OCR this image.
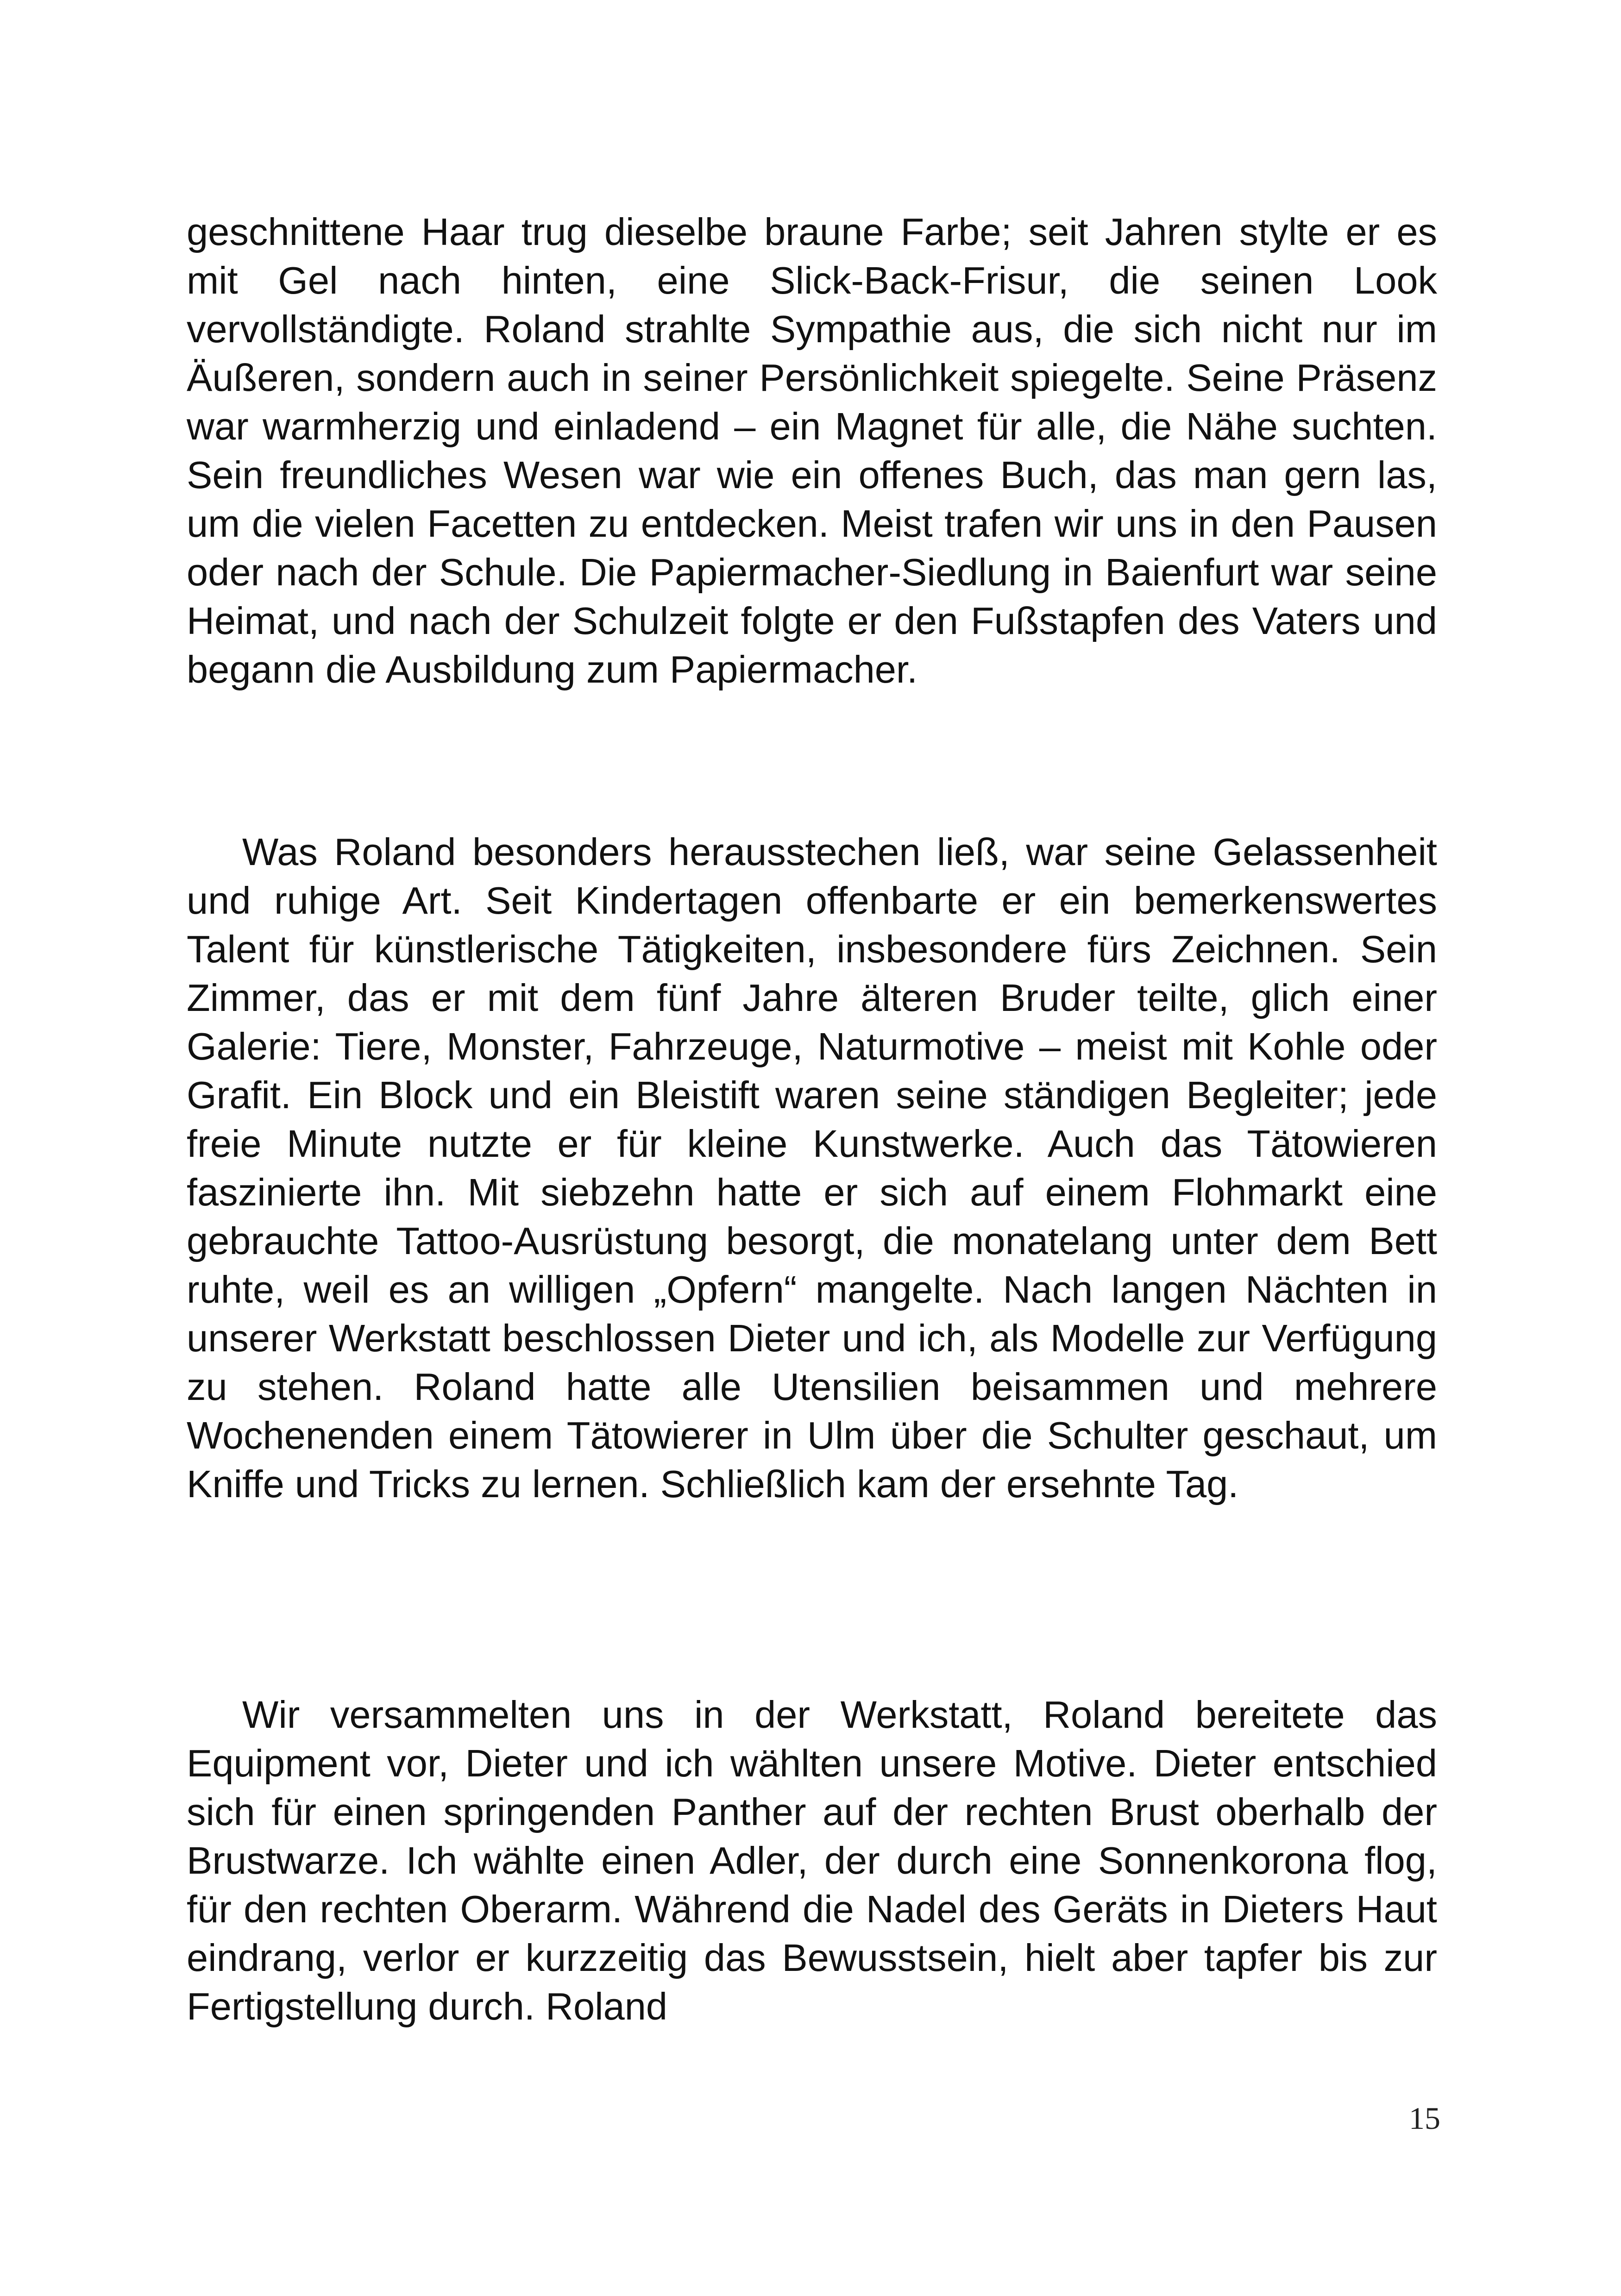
geschnittene Haar trug dieselbe braune Farbe; seit Jahren stylte er es mit Gel nach hinten, eine Slick-Back-Frisur, die seinen Look vervollständigte. Roland strahlte Sympathie aus, die sich nicht nur im Äußeren, sondern auch in seiner Persönlichkeit spiegelte. Seine Präsenz war warmherzig und einladend – ein Magnet für alle, die Nähe suchten. Sein freundliches Wesen war wie ein offenes Buch, das man gern las, um die vielen Facetten zu entdecken. Meist trafen wir uns in den Pausen oder nach der Schule. Die Papiermacher-Siedlung in Baienfurt war seine Heimat, und nach der Schulzeit folgte er den Fußstapfen des Vaters und begann die Ausbildung zum Papiermacher.

Was Roland besonders herausstechen ließ, war seine Gelassenheit und ruhige Art. Seit Kindertagen offenbarte er ein bemerkenswertes Talent für künstlerische Tätigkeiten, insbesondere fürs Zeichnen. Sein Zimmer, das er mit dem fünf Jahre älteren Bruder teilte, glich einer Galerie: Tiere, Monster, Fahrzeuge, Naturmotive – meist mit Kohle oder Grafit. Ein Block und ein Bleistift waren seine ständigen Begleiter; jede freie Minute nutzte er für kleine Kunstwerke. Auch das Tätowieren faszinierte ihn. Mit siebzehn hatte er sich auf einem Flohmarkt eine gebrauchte Tattoo-Ausrüstung besorgt, die monatelang unter dem Bett ruhte, weil es an willigen „Opfern“ mangelte. Nach langen Nächten in unserer Werkstatt beschlossen Dieter und ich, als Modelle zur Verfügung zu stehen. Roland hatte alle Utensilien beisammen und mehrere Wochenenden einem Tätowierer in Ulm über die Schulter geschaut, um Kniffe und Tricks zu lernen. Schließlich kam der ersehnte Tag.

Wir versammelten uns in der Werkstatt, Roland bereitete das Equipment vor, Dieter und ich wählten unsere Motive. Dieter entschied sich für einen springenden Panther auf der rechten Brust oberhalb der Brustwarze. Ich wählte einen Adler, der durch eine Sonnenkorona flog, für den rechten Oberarm. Während die Nadel des Geräts in Dieters Haut eindrang, verlor er kurzzeitig das Bewusstsein, hielt aber tapfer bis zur Fertigstellung durch. Roland

15
